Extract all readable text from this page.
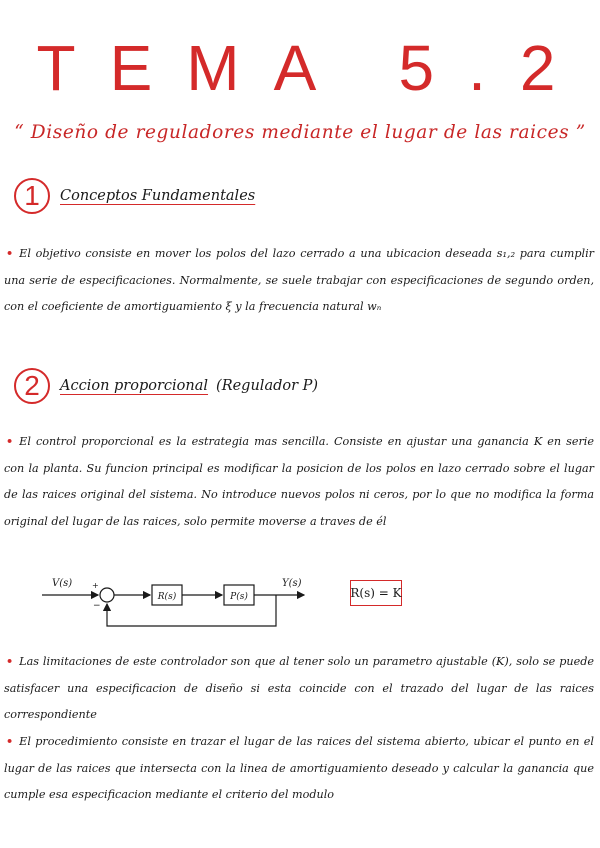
TEMA 5.2
“ Diseño de reguladores mediante el lugar de las raices ”
1	Conceptos Fundamentales
• El objetivo consiste en mover los polos del lazo cerrado a una ubicacion deseada s₁,₂ para cumplir una serie de especificaciones. Normalmente, se suele trabajar con especificaciones de segundo orden, con el coeficiente de amortiguamiento ξ y la frecuencia natural wₙ
2	Accion proporcional (Regulador P)
• El control proporcional es la estrategia mas sencilla. Consiste en ajustar una ganancia K en serie con la planta. Su funcion principal es modificar la posicion de los polos en lazo cerrado sobre el lugar de las raices original del sistema. No introduce nuevos polos ni ceros, por lo que no modifica la forma original del lugar de las raices, solo permite moverse a traves de él
V(s) +
−
R(s)	P(s)
Y(s)
R(s) = K
• Las limitaciones de este controlador son que al tener solo un parametro ajustable (K), solo se puede satisfacer una especificacion de diseño si esta coincide con el trazado del lugar de las raices correspondiente
• El procedimiento consiste en trazar el lugar de las raices del sistema abierto, ubicar el punto en el lugar de las raices que intersecta con la linea de amortiguamiento deseado y calcular la ganancia que cumple esa especificacion mediante el criterio del modulo
